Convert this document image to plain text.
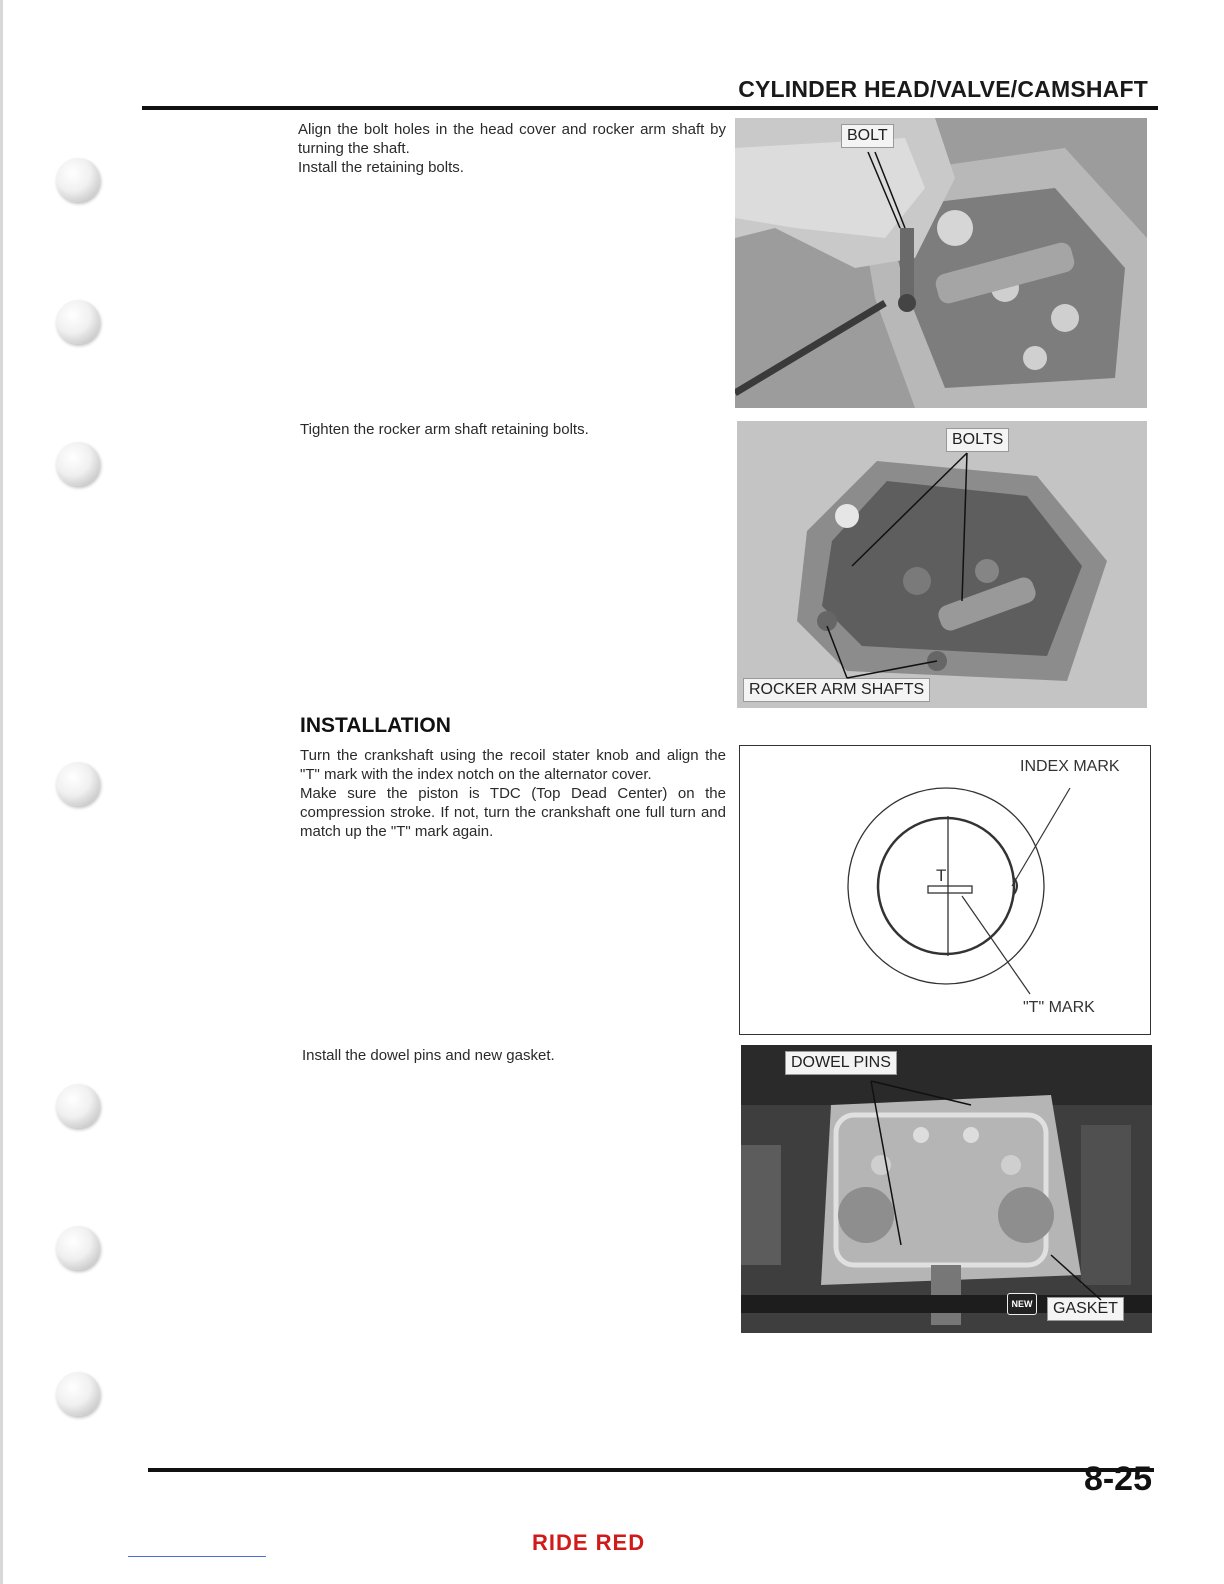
CYLINDER HEAD/VALVE/CAMSHAFT

Align the bolt holes in the head cover and rocker arm shaft by turning the shaft.

Install the retaining bolts.

Tighten the rocker arm shaft retaining bolts.

INSTALLATION

Turn the crankshaft using the recoil stater knob and align the "T" mark with the index notch on the alternator cover.

Make sure the piston is TDC (Top Dead Center) on the compression stroke. If not, turn the crankshaft one full turn and match up the "T" mark again.

Install the dowel pins and new gasket.

BOLT
BOLTS
ROCKER ARM SHAFTS
T
INDEX MARK
"T" MARK
DOWEL PINS
GASKET
NEW
8-25
RIDE RED
